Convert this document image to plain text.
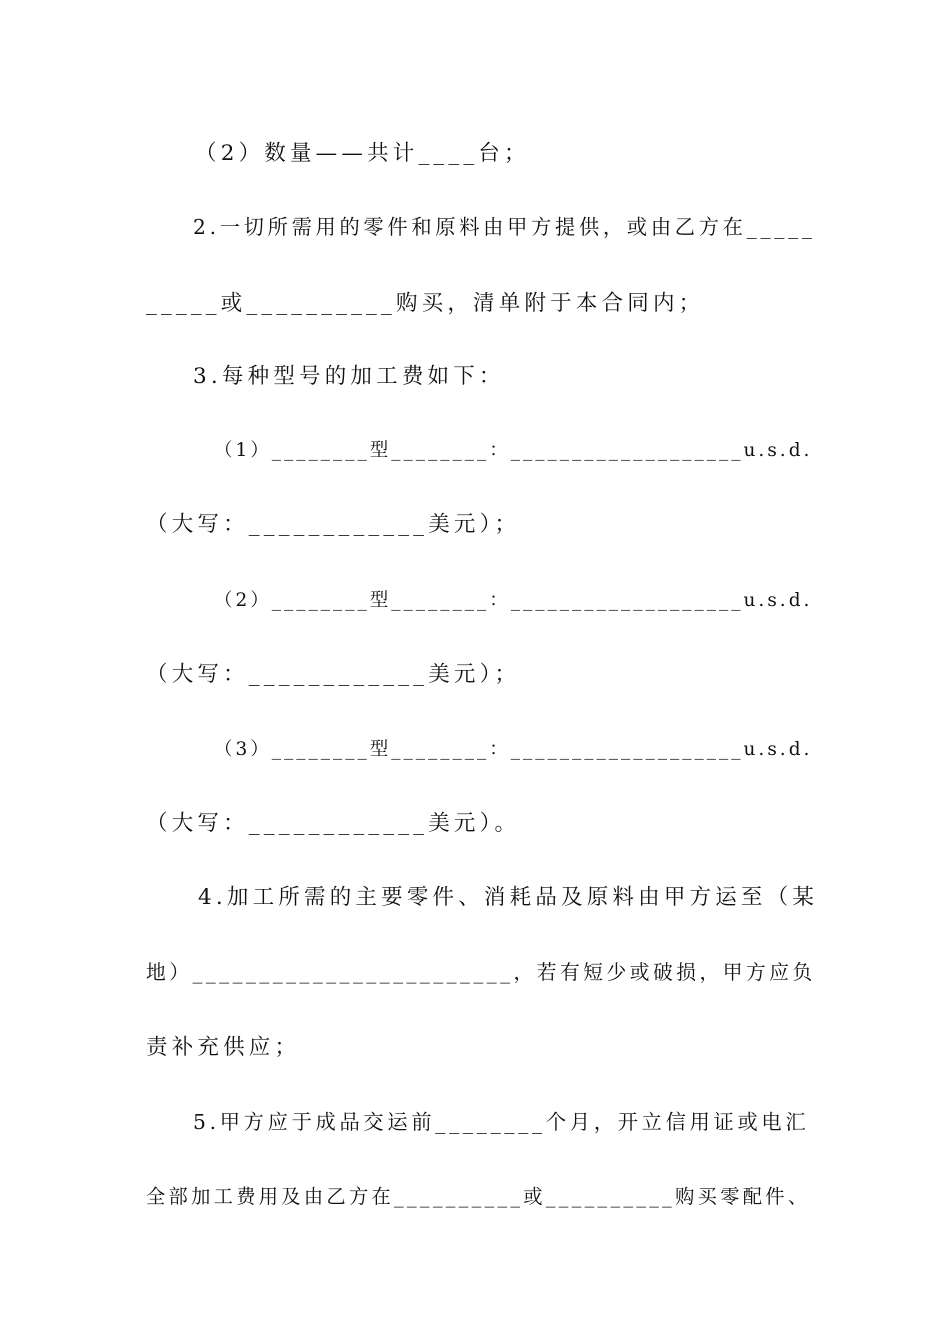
（2）数量——共计____台；
2.一切所需用的零件和原料由甲方提供，或由乙方在_____
_____或__________购买，清单附于本合同内；
3.每种型号的加工费如下：
（1）________型________：___________________u.s.d.
（大写：____________美元）；
（2）________型________：___________________u.s.d.
（大写：____________美元）；
（3）________型________：___________________u.s.d.
（大写：____________美元）。
4.加工所需的主要零件、消耗品及原料由甲方运至（某
地）________________________，若有短少或破损，甲方应负
责补充供应；
5.甲方应于成品交运前________个月，开立信用证或电汇
全部加工费用及由乙方在__________或__________购买零配件、
